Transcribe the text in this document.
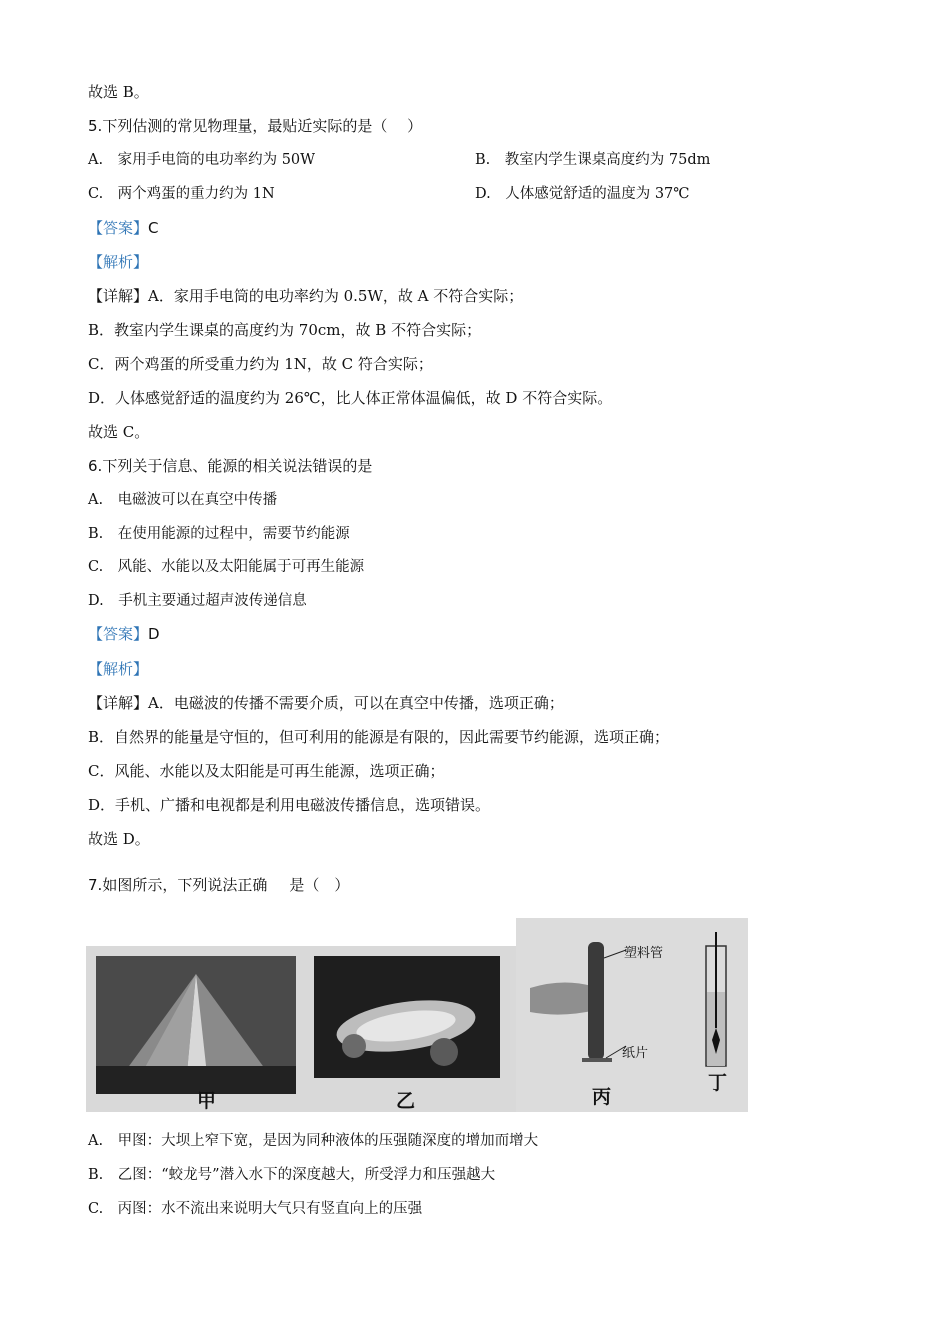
故选 B。
5.下列估测的常见物理量，最贴近实际的是（　 ）
A.　家用手电筒的电功率约为 50W	B.　教室内学生课桌高度约为 75dm
C.　两个鸡蛋的重力约为 1N	D.　人体感觉舒适的温度为 37℃
【答案】C
【解析】
【详解】A．家用手电筒的电功率约为 0.5W，故 A 不符合实际；
B．教室内学生课桌的高度约为 70cm，故 B 不符合实际；
C．两个鸡蛋的所受重力约为 1N，故 C 符合实际；
D．人体感觉舒适的温度约为 26℃，比人体正常体温偏低，故 D 不符合实际。
故选 C。
6.下列关于信息、能源的相关说法错误的是
A.　电磁波可以在真空中传播
B.　在使用能源的过程中，需要节约能源
C.　风能、水能以及太阳能属于可再生能源
D.　手机主要通过超声波传递信息
【答案】D
【解析】
【详解】A．电磁波的传播不需要介质，可以在真空中传播，选项正确；
B．自然界的能量是守恒的，但可利用的能源是有限的，因此需要节约能源，选项正确；
C．风能、水能以及太阳能是可再生能源，选项正确；
D．手机、广播和电视都是利用电磁波传播信息，选项错误。
故选 D。
7.如图所示，下列说法正确 是（　）
甲	乙
塑料管
纸片
丙
丁
A.　甲图：大坝上窄下宽，是因为同种液体的压强随深度的增加而增大
B.　乙图：“蛟龙号”潜入水下的深度越大，所受浮力和压强越大
C.　丙图：水不流出来说明大气只有竖直向上的压强
